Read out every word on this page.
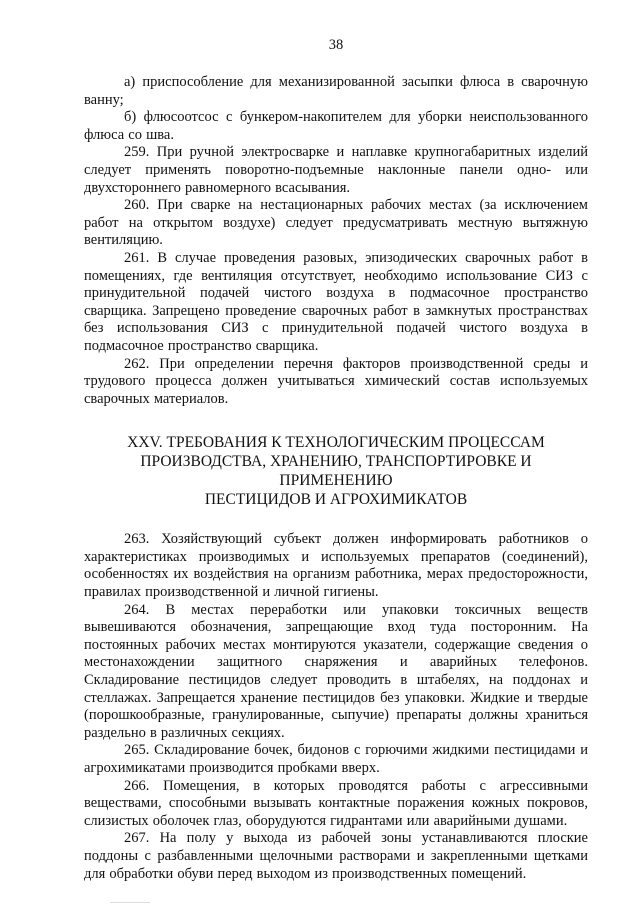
38

а) приспособление для механизированной засыпки флюса в сварочную ванну;

б) флюсоотсос с бункером-накопителем для уборки неиспользованного флюса со шва.

259. При ручной электросварке и наплавке крупногабаритных изделий следует применять поворотно-подъемные наклонные панели одно- или двухстороннего равномерного всасывания.

260. При сварке на нестационарных рабочих местах (за исключением работ на открытом воздухе) следует предусматривать местную вытяжную вентиляцию.

261. В случае проведения разовых, эпизодических сварочных работ в помещениях, где вентиляция отсутствует, необходимо использование СИЗ с принудительной подачей чистого воздуха в подмасочное пространство сварщика. Запрещено проведение сварочных работ в замкнутых пространствах без использования СИЗ с принудительной подачей чистого воздуха в подмасочное пространство сварщика.

262. При определении перечня факторов производственной среды и трудового процесса должен учитываться химический состав используемых сварочных материалов.

XXV. ТРЕБОВАНИЯ К ТЕХНОЛОГИЧЕСКИМ ПРОЦЕССАМ
ПРОИЗВОДСТВА, ХРАНЕНИЮ, ТРАНСПОРТИРОВКЕ И ПРИМЕНЕНИЮ
ПЕСТИЦИДОВ И АГРОХИМИКАТОВ

263. Хозяйствующий субъект должен информировать работников о характеристиках производимых и используемых препаратов (соединений), особенностях их воздействия на организм работника, мерах предосторожности, правилах производственной и личной гигиены.

264. В местах переработки или упаковки токсичных веществ вывешиваются обозначения, запрещающие вход туда посторонним. На постоянных рабочих местах монтируются указатели, содержащие сведения о местонахождении защитного снаряжения и аварийных телефонов. Складирование пестицидов следует проводить в штабелях, на поддонах и стеллажах. Запрещается хранение пестицидов без упаковки. Жидкие и твердые (порошкообразные, гранулированные, сыпучие) препараты должны храниться раздельно в различных секциях.

265. Складирование бочек, бидонов с горючими жидкими пестицидами и агрохимикатами производится пробками вверх.

266. Помещения, в которых проводятся работы с агрессивными веществами, способными вызывать контактные поражения кожных покровов, слизистых оболочек глаз, оборудуются гидрантами или аварийными душами.

267. На полу у выхода из рабочей зоны устанавливаются плоские поддоны с разбавленными щелочными растворами и закрепленными щетками для обработки обуви перед выходом из производственных помещений.
